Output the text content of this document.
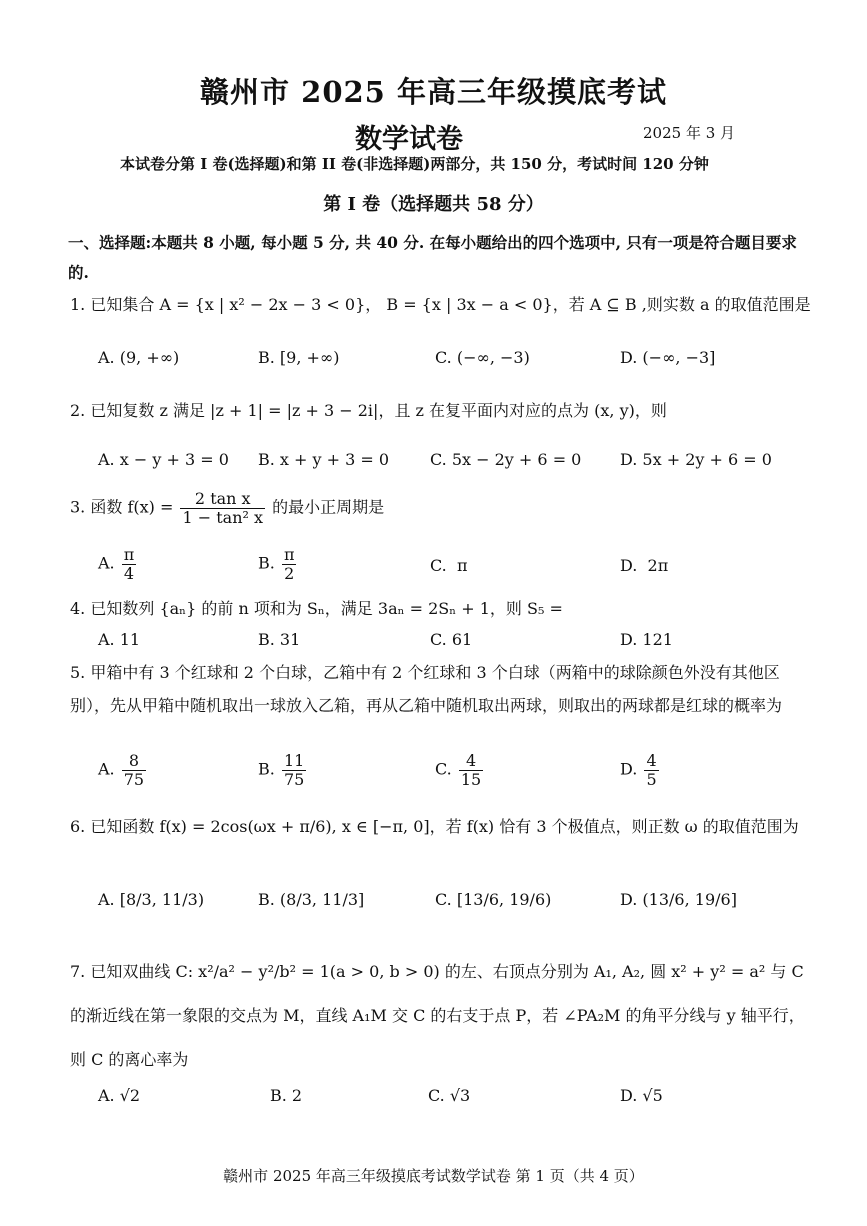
赣州市 2025 年高三年级摸底考试
数学试卷	2025 年 3 月
本试卷分第 I 卷(选择题)和第 II 卷(非选择题)两部分，共 150 分，考试时间 120 分钟
第 I 卷（选择题共 58 分）
一、选择题:本题共 8 小题, 每小题 5 分, 共 40 分. 在每小题给出的四个选项中, 只有一项是符合题目要求的.
1. 已知集合 A = {x | x² − 2x − 3 < 0}， B = {x | 3x − a < 0}，若 A ⊆ B ,则实数 a 的取值范围是
A. (9, +∞)	B. [9, +∞)	C. (−∞, −3)	D. (−∞, −3]
2. 已知复数 z 满足 |z + 1| = |z + 3 − 2i|，且 z 在复平面内对应的点为 (x, y)，则
A. x − y + 3 = 0 B. x + y + 3 = 0	C. 5x − 2y + 6 = 0 D. 5x + 2y + 6 = 0
3. 函数 $f(x) = \frac{\text{2 tan x}}{\text{1 − tan² x}}$ 的最小正周期是
A. $\frac{\pi}{4}$	B. $\frac{\pi}{2}$	C. π	D. 2π
4. 已知数列 {aₙ} 的前 n 项和为 Sₙ，满足 3aₙ = 2Sₙ + 1，则 S₅ =
A. 11	B. 31	C. 61	D. 121
5. 甲箱中有 3 个红球和 2 个白球，乙箱中有 2 个红球和 3 个白球（两箱中的球除颜色外没有其他区别），先从甲箱中随机取出一球放入乙箱，再从乙箱中随机取出两球，则取出的两球都是红球的概率为
A. $\frac{8}{75}$	B. $\frac{11}{75}$	C. $\frac{4}{15}$	D. $\frac{4}{5}$
6. 已知函数 f(x) = 2cos(ωx + π/6), x ∈ [−π, 0]，若 f(x) 恰有 3 个极值点，则正数 ω 的取值范围为
A. [8/3, 11/3)	B. (8/3, 11/3]	C. [13/6, 19/6)	D. (13/6, 19/6]
7. 已知双曲线 C: x²/a² − y²/b² = 1(a > 0, b > 0) 的左、右顶点分别为 A₁, A₂, 圆 x² + y² = a² 与 C 的渐近线在第一象限的交点为 M，直线 A₁M 交 C 的右支于点 P，若 ∠PA₂M 的角平分线与 y 轴平行，则 C 的离心率为
A. √2	B. 2	C. √3	D. √5
赣州市 2025 年高三年级摸底考试数学试卷 第 1 页（共 4 页）
